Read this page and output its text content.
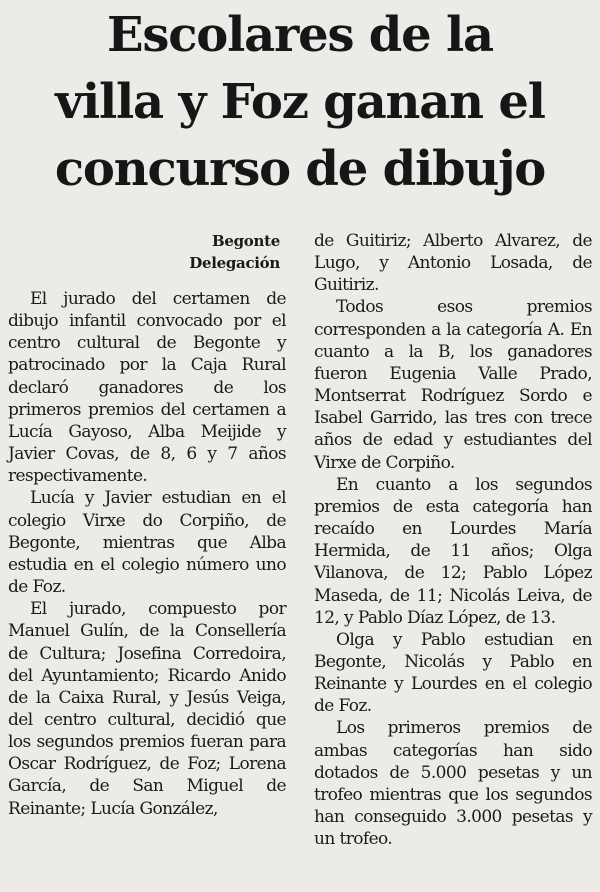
Escolares de la
villa y Foz ganan el
concurso de dibujo
Begonte
Delegación

El jurado del certamen de dibujo infantil convocado por el centro cultural de Begonte y patrocinado por la Caja Rural declaró ganadores de los primeros premios del certamen a Lucía Gayoso, Alba Meijide y Javier Covas, de 8, 6 y 7 años respectivamente.

Lucía y Javier estudian en el colegio Virxe do Corpiño, de Begonte, mientras que Alba estudia en el colegio número uno de Foz.

El jurado, compuesto por Manuel Gulín, de la Consellería de Cultura; Josefina Corredoira, del Ayuntamiento; Ricardo Anido de la Caixa Rural, y Jesús Veiga, del centro cultural, decidió que los segundos premios fueran para Oscar Rodríguez, de Foz; Lorena García, de San Miguel de Reinante; Lucía González,

de Guitiriz; Alberto Alvarez, de Lugo, y Antonio Losada, de Guitiriz.

Todos esos premios corresponden a la categoría A. En cuanto a la B, los ganadores fueron Eugenia Valle Prado, Montserrat Rodríguez Sordo e Isabel Garrido, las tres con trece años de edad y estudiantes del Virxe de Corpiño.

En cuanto a los segundos premios de esta categoría han recaído en Lourdes María Hermida, de 11 años; Olga Vilanova, de 12; Pablo López Maseda, de 11; Nicolás Leiva, de 12, y Pablo Díaz López, de 13.

Olga y Pablo estudian en Begonte, Nicolás y Pablo en Reinante y Lourdes en el colegio de Foz.

Los primeros premios de ambas categorías han sido dotados de 5.000 pesetas y un trofeo mientras que los segundos han conseguido 3.000 pesetas y un trofeo.
